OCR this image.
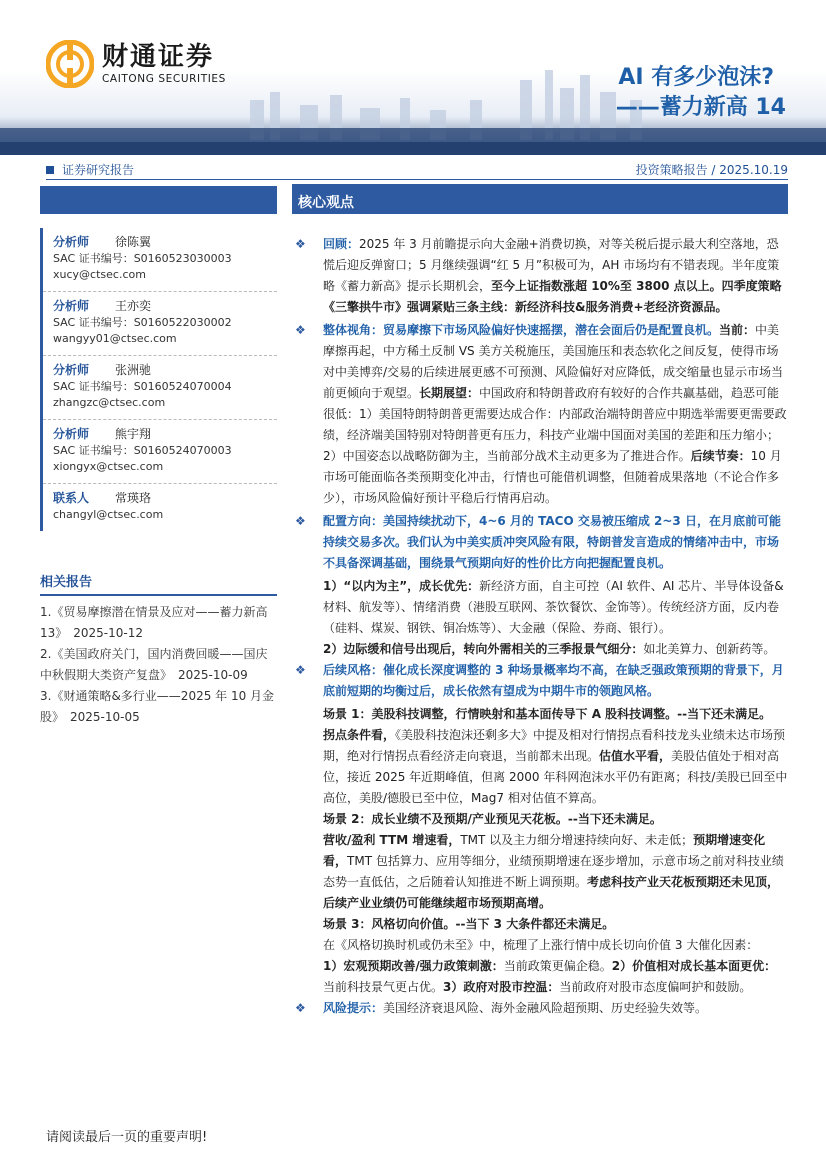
财通证券
CAITONG SECURITIES	AI 有多少泡沫?
——蓄力新高 14
证券研究报告	投资策略报告 / 2025.10.19
分析师 徐陈翼
SAC 证书编号：S0160523030003
xucy@ctsec.com
分析师 王亦奕
SAC 证书编号：S0160522030002
wangyy01@ctsec.com
分析师 张洲驰
SAC 证书编号：S0160524070004
zhangzc@ctsec.com
分析师 熊宇翔
SAC 证书编号：S0160524070003
xiongyx@ctsec.com
联系人 常瑛珞
changyl@ctsec.com
相关报告
1.《贸易摩擦潜在情景及应对——蓄力新高 13》　2025-10-12
2.《美国政府关门，国内消费回暖——国庆中秋假期大类资产复盘》　2025-10-09
3.《财通策略&多行业——2025 年 10 月金股》　2025-10-05
核心观点
❖ 回顾：2025 年 3 月前瞻提示向大金融+消费切换，对等关税后提示最大利空落地，恐慌后迎反弹窗口；5 月继续强调“红 5 月”积极可为，AH 市场均有不错表现。半年度策略《蓄力新高》提示长期机会，至今上证指数涨超 10%至 3800 点以上。四季度策略《三擎拱牛市》强调紧贴三条主线：新经济科技&服务消费+老经济资源品。
❖ 整体视角：贸易摩擦下市场风险偏好快速摇摆，潜在会面后仍是配置良机。当前：中美摩擦再起，中方稀土反制 VS 美方关税施压，美国施压和表态软化之间反复，使得市场对中美博弈/交易的后续进展更感不可预测、风险偏好对应降低，成交缩量也显示市场当前更倾向于观望。长期展望：中国政府和特朗普政府有较好的合作共赢基础，趋恶可能很低：1）美国特朗特朗普更需要达成合作：内部政治端特朗普应中期选举需要更需要政绩，经济端美国特别对特朗普更有压力，科技产业端中国面对美国的差距和压力缩小；2）中国姿态以战略防御为主，当前部分战术主动更多为了推进合作。后续节奏：10 月市场可能面临各类预期变化冲击，行情也可能借机调整，但随着成果落地（不论合作多少），市场风险偏好预计平稳后行情再启动。
❖ 配置方向：美国持续扰动下，4~6 月的 TACO 交易被压缩成 2~3 日，在月底前可能持续交易多次。我们认为中美实质冲突风险有限，特朗普发言造成的情绪冲击中，市场不具备深调基础，围绕景气预期向好的性价比方向把握配置良机。
1）“以内为主”，成长优先：新经济方面，自主可控（AI 软件、AI 芯片、半导体设备&材料、航发等）、情绪消费（港股互联网、茶饮餐饮、金饰等）。传统经济方面，反内卷（硅料、煤炭、钢铁、铜冶炼等）、大金融（保险、券商、银行）。
2）边际缓和信号出现后，转向外需相关的三季报景气细分：如北美算力、创新药等。
❖ 后续风格：催化成长深度调整的 3 种场景概率均不高，在缺乏强政策预期的背景下，月底前短期的均衡过后，成长依然有望成为中期牛市的领跑风格。
场景 1：美股科技调整，行情映射和基本面传导下 A 股科技调整。--当下还未满足。
拐点条件看，《美股科技泡沫还剩多大》中提及相对行情拐点看科技龙头业绩未达市场预期，绝对行情拐点看经济走向衰退，当前都未出现。估值水平看，美股估值处于相对高位，接近 2025 年近期峰值，但离 2000 年科网泡沫水平仍有距离；科技/美股已回至中高位，美股/德股已至中位，Mag7 相对估值不算高。
场景 2：成长业绩不及预期/产业预见天花板。--当下还未满足。
营收/盈利 TTM 增速看，TMT 以及主力细分增速持续向好、未走低；预期增速变化看，TMT 包括算力、应用等细分，业绩预期增速在逐步增加，示意市场之前对科技业绩态势一直低估，之后随着认知推进不断上调预期。考虑科技产业天花板预期还未见顶，后续产业业绩仍可能继续超市场预期高增。
场景 3：风格切向价值。--当下 3 大条件都还未满足。
在《风格切换时机或仍未至》中，梳理了上涨行情中成长切向价值 3 大催化因素：
1）宏观预期改善/强力政策刺激：当前政策更偏企稳。2）价值相对成长基本面更优：当前科技景气更占优。3）政府对股市控温：当前政府对股市态度偏呵护和鼓励。
❖ 风险提示：美国经济衰退风险、海外金融风险超预期、历史经验失效等。
请阅读最后一页的重要声明!
